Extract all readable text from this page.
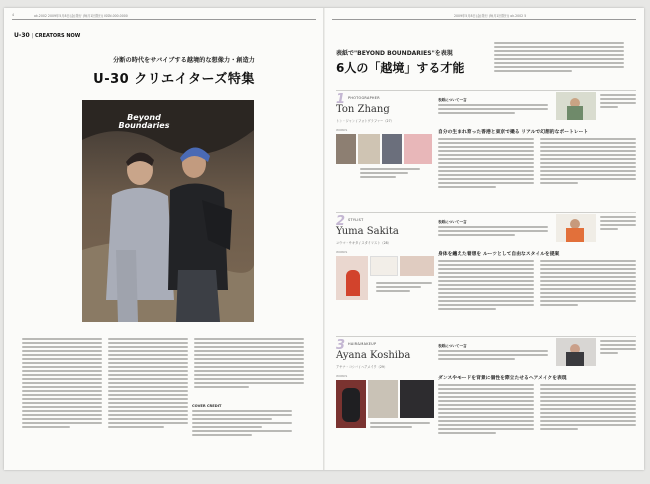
4	ok.2002 2009年5月8日(金)発行 (毎月1回発行) ISSN.000.0000
U-30 | CREATORS NOW
分断の時代をサバイブする越境的な想像力・創造力
U-30 クリエイターズ特集
Beyond
Boundaries
COVER CREDIT
2009年5月8日(金)発行 (毎月1回発行) ok.2002 5
表紙で"BEYOND BOUNDARIES"を表現
6人の「越境」する才能
1 PHOTOGRAPHER
Ton Zhang
トン・ジャン / フォトグラファー（27）
表紙について一言
WORKS	自分の生まれ育った香港と東京で撮る リアルで幻想的なポートレート
2 STYLIST
Yuma Sakita
ユウマ・サキタ / スタイリスト（28）
表紙について一言
WORKS	身体を纏えた着想を ルーツとして自由なスタイルを提案
3 HAIR&MAKEUP
Ayana Koshiba
アヤナ・コシバ / ヘアメイク（29）
表紙について一言
WORKS	ダンスやモードを背景に個性を際立たせるヘアメイクを表現
